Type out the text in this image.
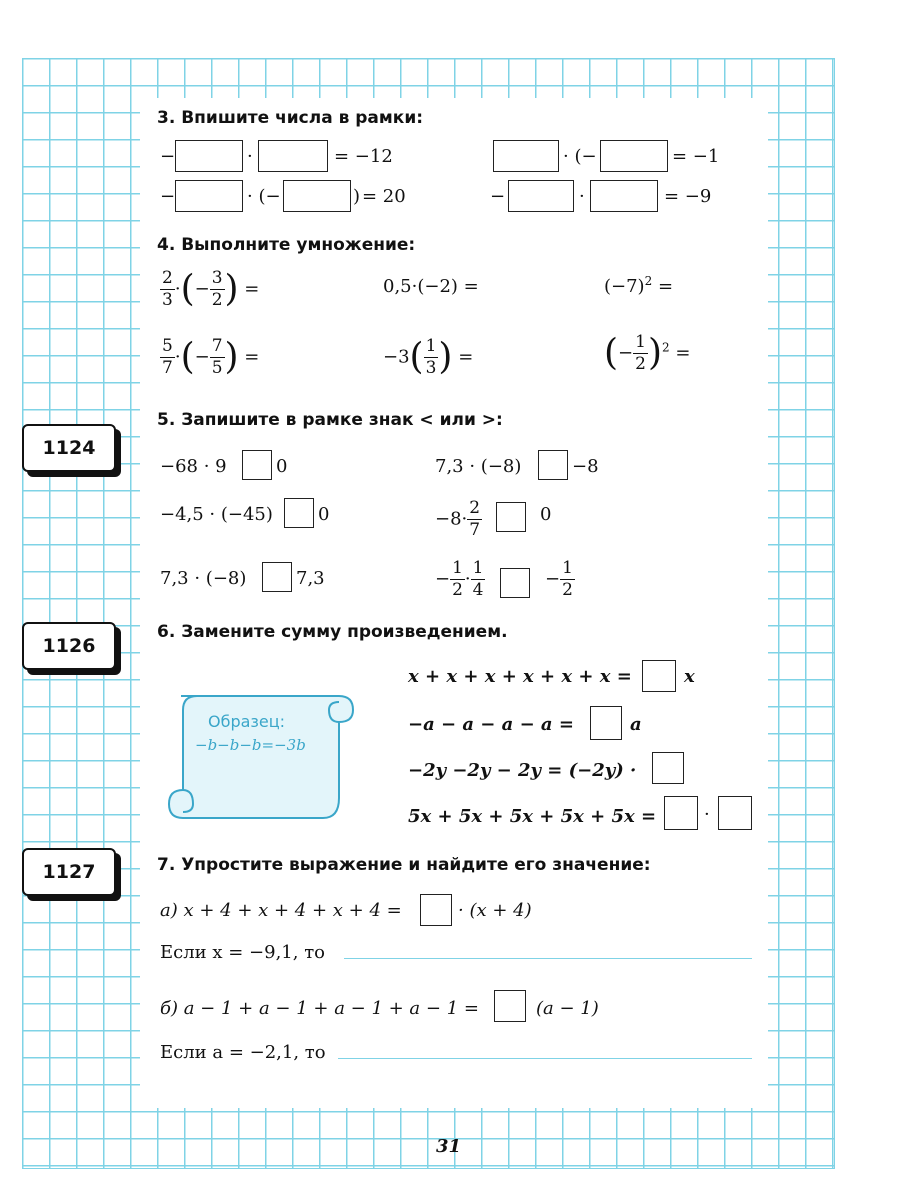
3. Впишите числа в рамки:
−	·	= −12	· (−	= −1
−	· (−	) = 20	−	·	= −9
4. Выполните умножение:
$\frac{2}{3}$ ·(− $\frac{3}{2}$ ) =	0,5·(−2) =	$(-7)^2$ =
$\frac{5}{7}$ ·(− $\frac{7}{5}$ ) =	$-3( \frac{1}{3}$ ) =	(− $\frac{1}{2} )^2$ =
5. Запишите в рамке знак < или >:
1124
−68 · 9	0	7,3 · (−8)	−8
−4,5 · (−45)	0	$-8\cdot \frac{2}{7}$	0
7,3 · (−8)	7,3	− $\frac{1}{2} \cdot \frac{1}{4}$	− $\frac{1}{2}$
1126
6. Замените сумму произведением.
Образец:
−b−b−b=−3b
x + x + x + x + x + x =	x
−a − a − a − a =	a
−2y −2y − 2y = (−2y) ·
5x + 5x + 5x + 5x + 5x =	·
1127	7. Упростите выражение и найдите его значение:
а) x + 4 + x + 4 + x + 4 =	· (x + 4)
Если x = −9,1, то
б) a − 1 + a − 1 + a − 1 + a − 1 =	(a − 1)
Если a = −2,1, то
31
